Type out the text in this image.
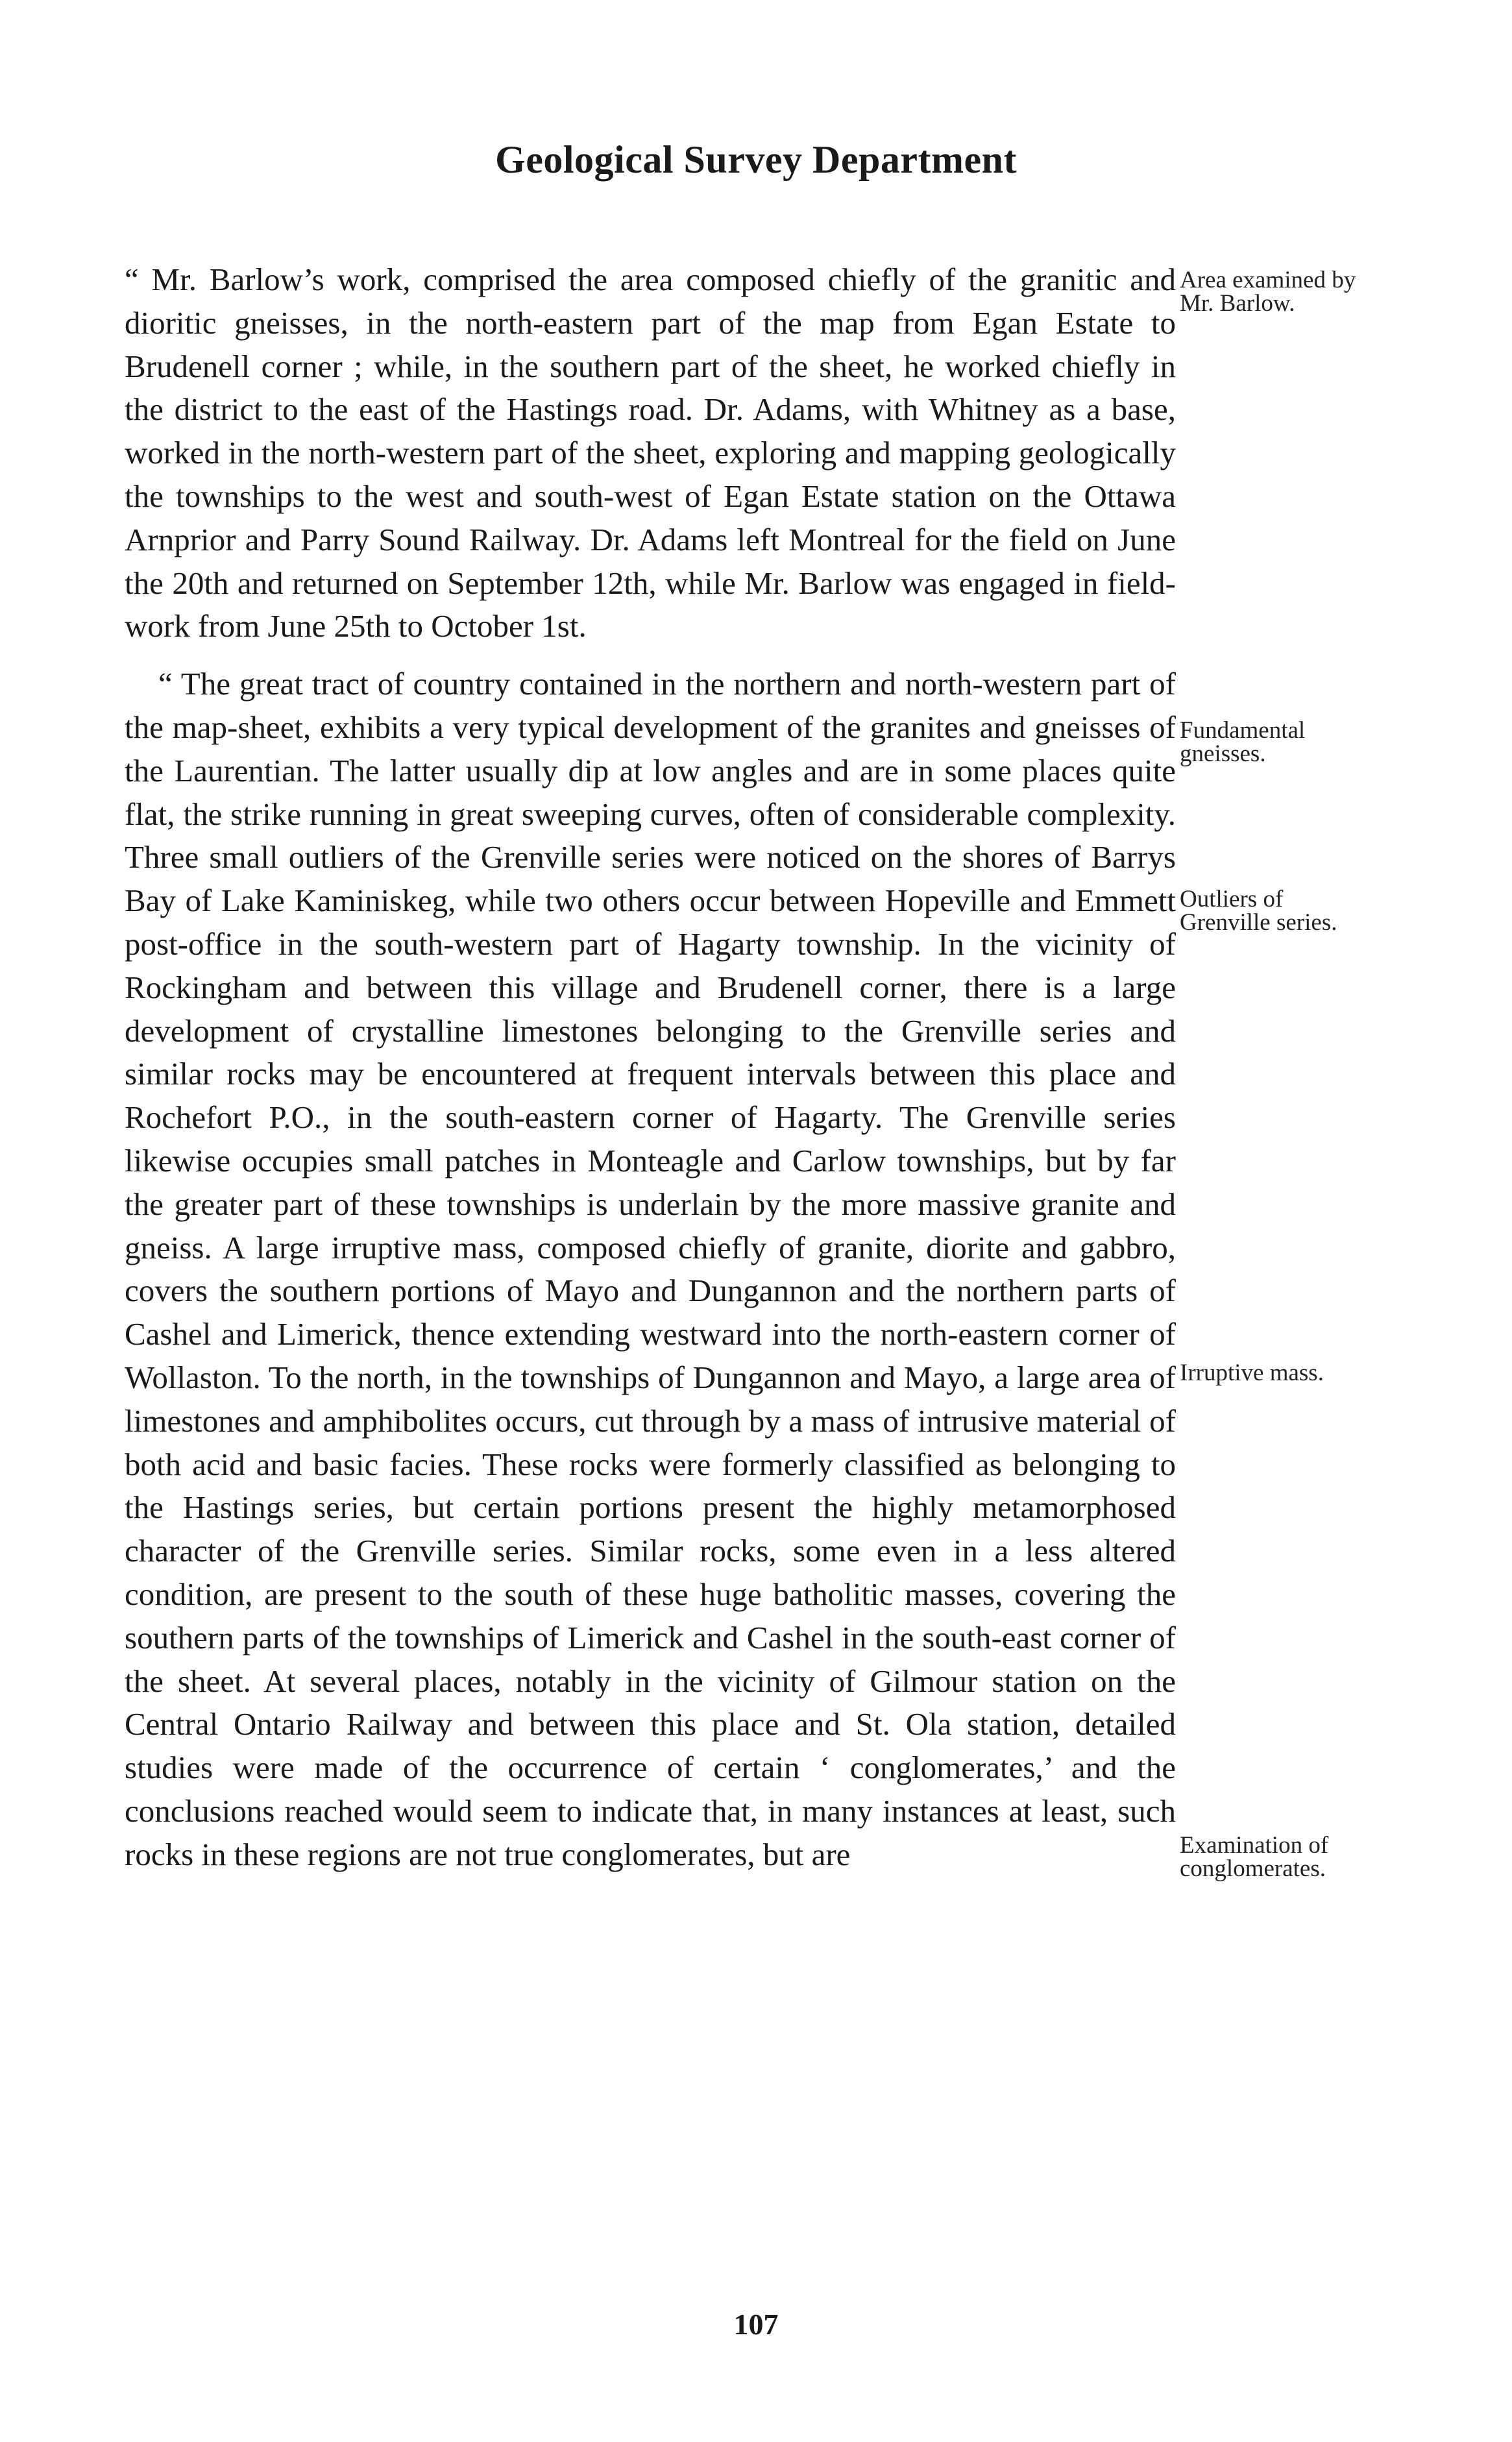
Geological Survey Department

“ Mr. Barlow’s work, comprised the area composed chiefly of the granitic and dioritic gneisses, in the north-eastern part of the map from Egan Estate to Brudenell corner ; while, in the southern part of the sheet, he worked chiefly in the district to the east of the Hastings road. Dr. Adams, with Whitney as a base, worked in the north-western part of the sheet, exploring and mapping geologically the townships to the west and south-west of Egan Estate station on the Ottawa Arnprior and Parry Sound Railway. Dr. Adams left Montreal for the field on June the 20th and returned on September 12th, while Mr. Barlow was engaged in field-work from June 25th to October 1st.

“ The great tract of country contained in the northern and north-western part of the map-sheet, exhibits a very typical development of the granites and gneisses of the Laurentian. The latter usually dip at low angles and are in some places quite flat, the strike running in great sweeping curves, often of considerable complexity. Three small outliers of the Grenville series were noticed on the shores of Barrys Bay of Lake Kaminiskeg, while two others occur between Hopeville and Emmett post-office in the south-western part of Hagarty township. In the vicinity of Rockingham and between this village and Brudenell corner, there is a large development of crystalline limestones belonging to the Grenville series and similar rocks may be encountered at frequent intervals between this place and Rochefort P.O., in the south-eastern corner of Hagarty. The Grenville series likewise occupies small patches in Monteagle and Carlow townships, but by far the greater part of these townships is underlain by the more massive granite and gneiss. A large irruptive mass, composed chiefly of granite, diorite and gabbro, covers the southern portions of Mayo and Dungannon and the northern parts of Cashel and Limerick, thence extending westward into the north-eastern corner of Wollaston. To the north, in the townships of Dungannon and Mayo, a large area of limestones and amphibolites occurs, cut through by a mass of intrusive material of both acid and basic facies. These rocks were formerly classified as belonging to the Hastings series, but certain portions present the highly metamorphosed character of the Grenville series. Similar rocks, some even in a less altered condition, are present to the south of these huge batholitic masses, covering the southern parts of the townships of Limerick and Cashel in the south-east corner of the sheet. At several places, notably in the vicinity of Gilmour station on the Central Ontario Railway and between this place and St. Ola station, detailed studies were made of the occurrence of certain ‘ conglomerates,’ and the conclusions reached would seem to indicate that, in many instances at least, such rocks in these regions are not true conglomerates, but are

Area examined by Mr. Barlow.
Fundamental gneisses.
Outliers of Grenville series.
Irruptive mass.
Examination of conglomerates.
107
